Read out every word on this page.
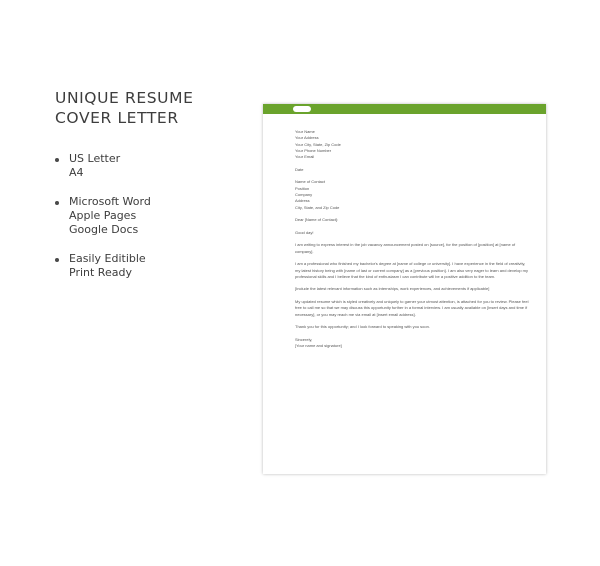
UNIQUE RESUME
COVER LETTER
US Letter
A4
Microsoft Word
Apple Pages
Google Docs
Easily Editible
Print Ready

Your Name
Your Address
Your City, State, Zip Code
Your Phone Number
Your Email

Date

Name of Contact
Position
Company
Address
City, State, and Zip Code

Dear [Name of Contact]:

Good day!

I am writing to express interest in the job vacancy announcement posted on [source], for the position of [position] at [name of company].

I am a professional who finished my bachelor's degree at [name of college or university]. I have experience in the field of creativity, my latest history being with [name of last or current company] as a [previous position]. I am also very eager to learn and develop my professional skills and I believe that the kind of enthusiasm I can contribute will be a positive addition to the team.

[Include the latest relevant information such as internships, work experiences, and achievements if applicable]

My updated resume which is styled creatively and uniquely to garner your utmost attention, is attached for you to review. Please feel free to call me so that we may discuss this opportunity further in a formal interview. I am usually available on [insert days and time if necessary], or you may reach me via email at [insert email address].

Thank you for this opportunity; and I look forward to speaking with you soon.

Sincerely,
[Your name and signature]
